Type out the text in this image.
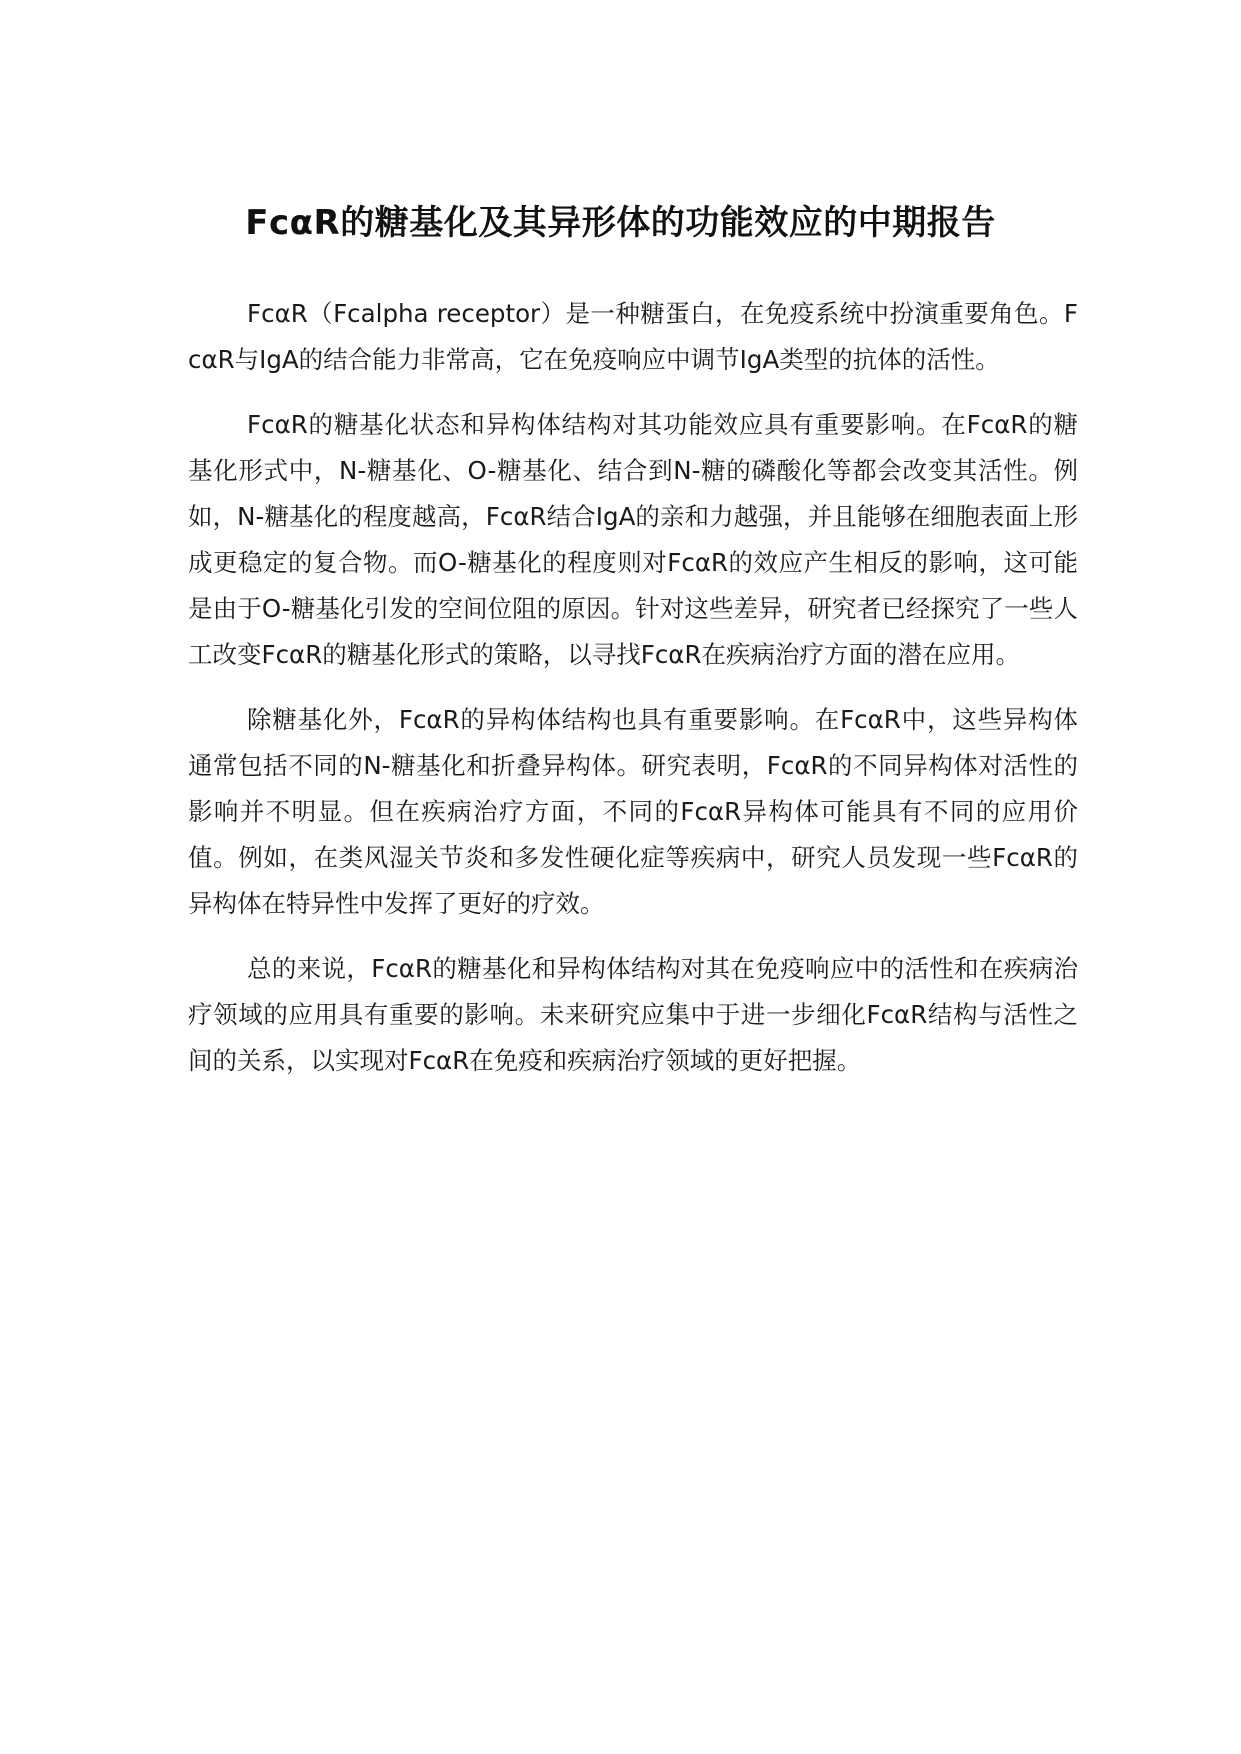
FcαR的糖基化及其异形体的功能效应的中期报告

FcαR（Fcalpha receptor）是一种糖蛋白，在免疫系统中扮演重要角色。FcαR与IgA的结合能力非常高，它在免疫响应中调节IgA类型的抗体的活性。

FcαR的糖基化状态和异构体结构对其功能效应具有重要影响。在FcαR的糖基化形式中，N-糖基化、O-糖基化、结合到N-糖的磷酸化等都会改变其活性。例如，N-糖基化的程度越高，FcαR结合IgA的亲和力越强，并且能够在细胞表面上形成更稳定的复合物。而O-糖基化的程度则对FcαR的效应产生相反的影响，这可能是由于O-糖基化引发的空间位阻的原因。针对这些差异，研究者已经探究了一些人工改变FcαR的糖基化形式的策略，以寻找FcαR在疾病治疗方面的潜在应用。

除糖基化外，FcαR的异构体结构也具有重要影响。在FcαR中，这些异构体通常包括不同的N-糖基化和折叠异构体。研究表明，FcαR的不同异构体对活性的影响并不明显。但在疾病治疗方面，不同的FcαR异构体可能具有不同的应用价值。例如，在类风湿关节炎和多发性硬化症等疾病中，研究人员发现一些FcαR的异构体在特异性中发挥了更好的疗效。

总的来说，FcαR的糖基化和异构体结构对其在免疫响应中的活性和在疾病治疗领域的应用具有重要的影响。未来研究应集中于进一步细化FcαR结构与活性之间的关系，以实现对FcαR在免疫和疾病治疗领域的更好把握。
